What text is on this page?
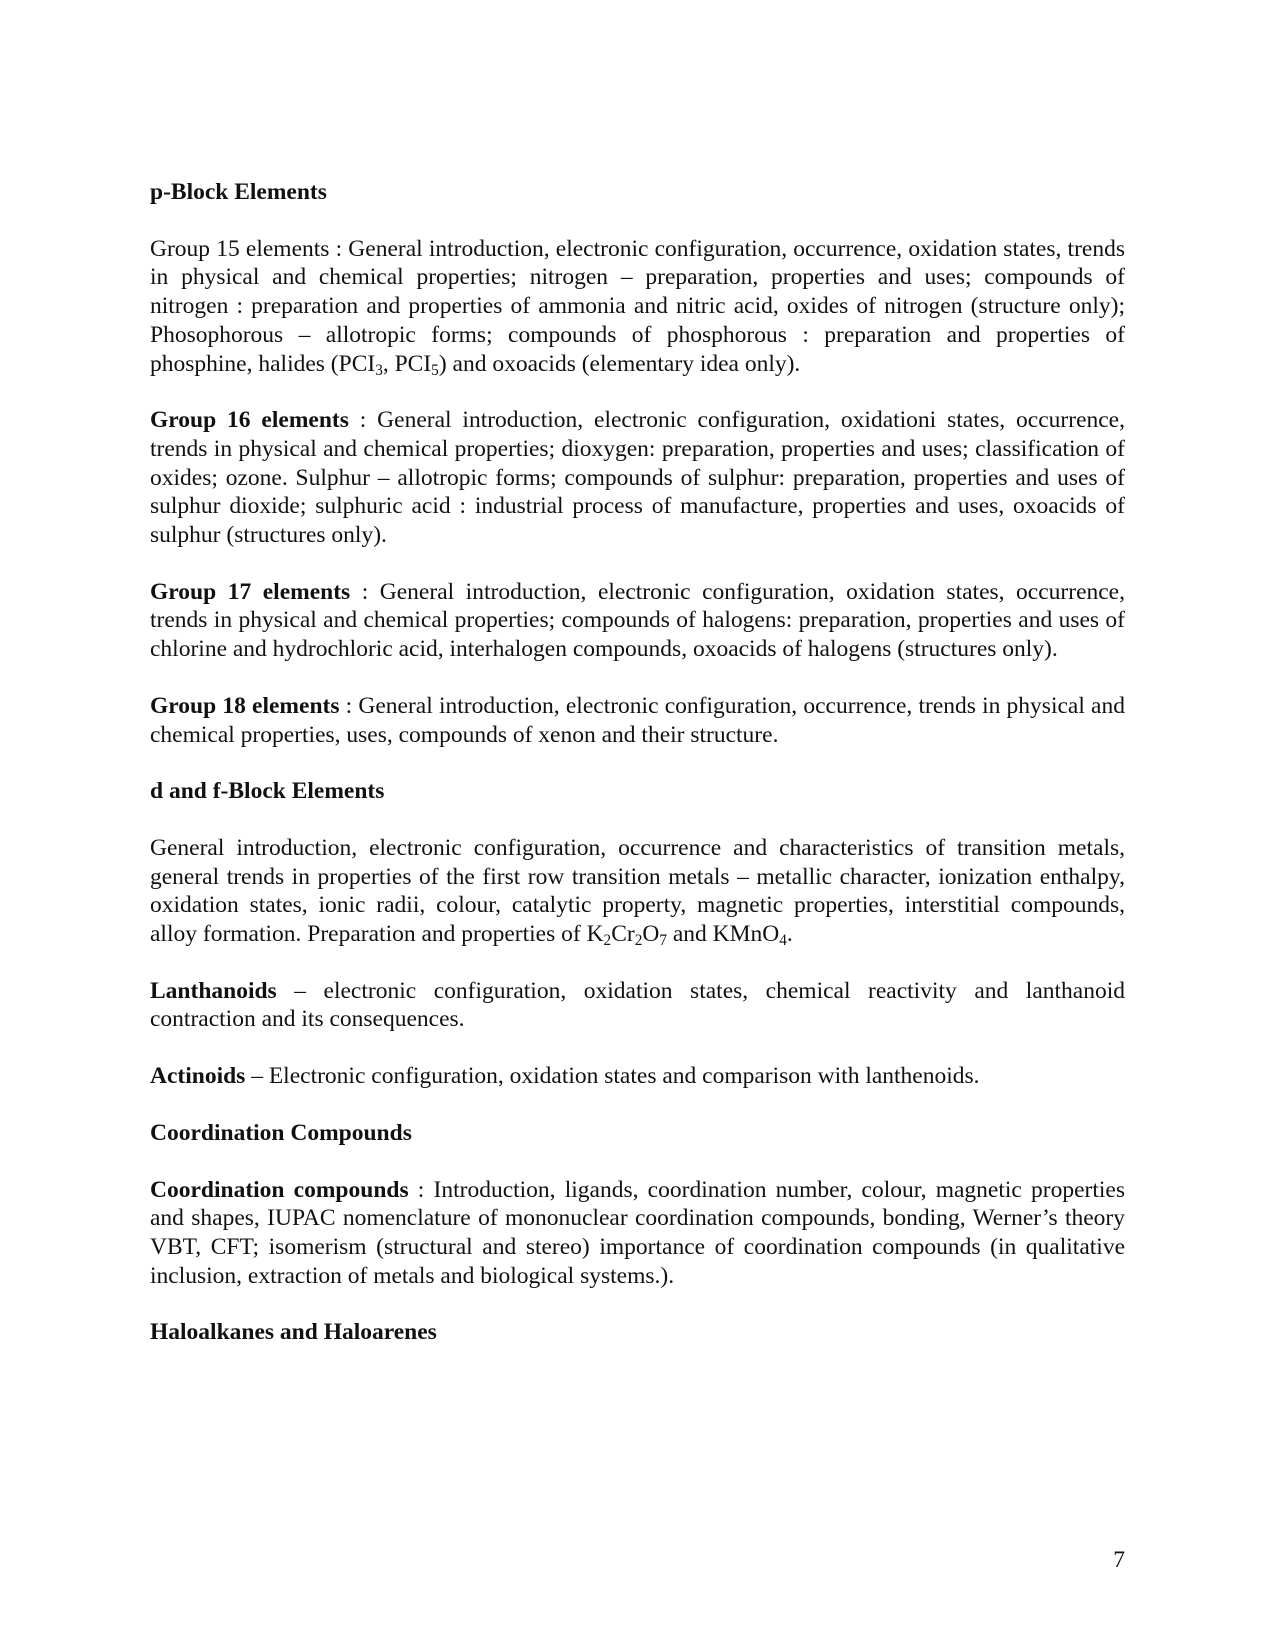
p-Block Elements
Group 15 elements : General introduction, electronic configuration, occurrence, oxidation states, trends in physical and chemical properties; nitrogen – preparation, properties and uses; compounds of nitrogen : preparation and properties of ammonia and nitric acid, oxides of nitrogen (structure only); Phosophorous – allotropic forms; compounds of phosphorous : preparation and properties of phosphine, halides ($PCI_3$, $PCI_5$) and oxoacids (elementary idea only).
Group 16 elements : General introduction, electronic configuration, oxidationi states, occurrence, trends in physical and chemical properties; dioxygen: preparation, properties and uses; classification of oxides; ozone. Sulphur – allotropic forms; compounds of sulphur: preparation, properties and uses of sulphur dioxide; sulphuric acid : industrial process of manufacture, properties and uses, oxoacids of sulphur (structures only).
Group 17 elements : General introduction, electronic configuration, oxidation states, occurrence, trends in physical and chemical properties; compounds of halogens: preparation, properties and uses of chlorine and hydrochloric acid, interhalogen compounds, oxoacids of halogens (structures only).
Group 18 elements : General introduction, electronic configuration, occurrence, trends in physical and chemical properties, uses, compounds of xenon and their structure.
d and f-Block Elements
General introduction, electronic configuration, occurrence and characteristics of transition metals, general trends in properties of the first row transition metals – metallic character, ionization enthalpy, oxidation states, ionic radii, colour, catalytic property, magnetic properties, interstitial compounds, alloy formation. Preparation and properties of $K_2Cr_2O_7$ and KMnO$_4$.
Lanthanoids – electronic configuration, oxidation states, chemical reactivity and lanthanoid contraction and its consequences.
Actinoids – Electronic configuration, oxidation states and comparison with lanthenoids.
Coordination Compounds
Coordination compounds : Introduction, ligands, coordination number, colour, magnetic properties and shapes, IUPAC nomenclature of mononuclear coordination compounds, bonding, Werner’s theory VBT, CFT; isomerism (structural and stereo) importance of coordination compounds (in qualitative inclusion, extraction of metals and biological systems.).
Haloalkanes and Haloarenes
7
